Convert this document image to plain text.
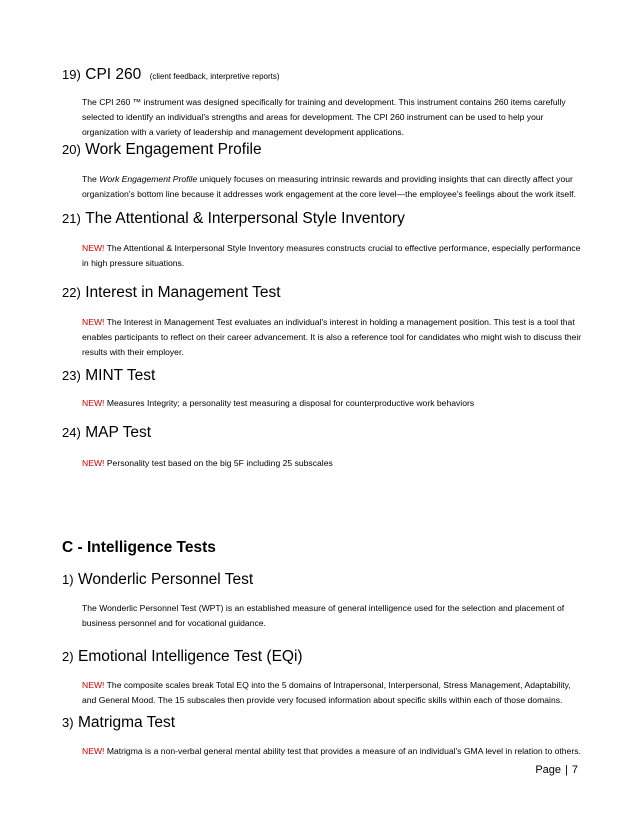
19) CPI 260 (client feedback, interpretive reports)
The CPI 260 ™ instrument was designed specifically for training and development. This instrument contains 260 items carefully selected to identify an individual's strengths and areas for development. The CPI 260 instrument can be used to help your organization with a variety of leadership and management development applications.
20) Work Engagement Profile
The Work Engagement Profile uniquely focuses on measuring intrinsic rewards and providing insights that can directly affect your organization's bottom line because it addresses work engagement at the core level—the employee's feelings about the work itself.
21) The Attentional & Interpersonal Style Inventory
NEW! The Attentional & Interpersonal Style Inventory measures constructs crucial to effective performance, especially performance in high pressure situations.
22) Interest in Management Test
NEW! The Interest in Management Test evaluates an individual's interest in holding a management position. This test is a tool that enables participants to reflect on their career advancement. It is also a reference tool for candidates who might wish to discuss their results with their employer.
23) MINT Test
NEW! Measures Integrity; a personality test measuring a disposal for counterproductive work behaviors
24) MAP Test
NEW! Personality test based on the big 5F including 25 subscales
C - Intelligence Tests
1) Wonderlic Personnel Test
The Wonderlic Personnel Test (WPT) is an established measure of general intelligence used for the selection and placement of business personnel and for vocational guidance.
2) Emotional Intelligence Test (EQi)
NEW! The composite scales break Total EQ into the 5 domains of Intrapersonal, Interpersonal, Stress Management, Adaptability, and General Mood. The 15 subscales then provide very focused information about specific skills within each of those domains.
3) Matrigma Test
NEW! Matrigma is a non-verbal general mental ability test that provides a measure of an individual's GMA level in relation to others.
Page | 7
